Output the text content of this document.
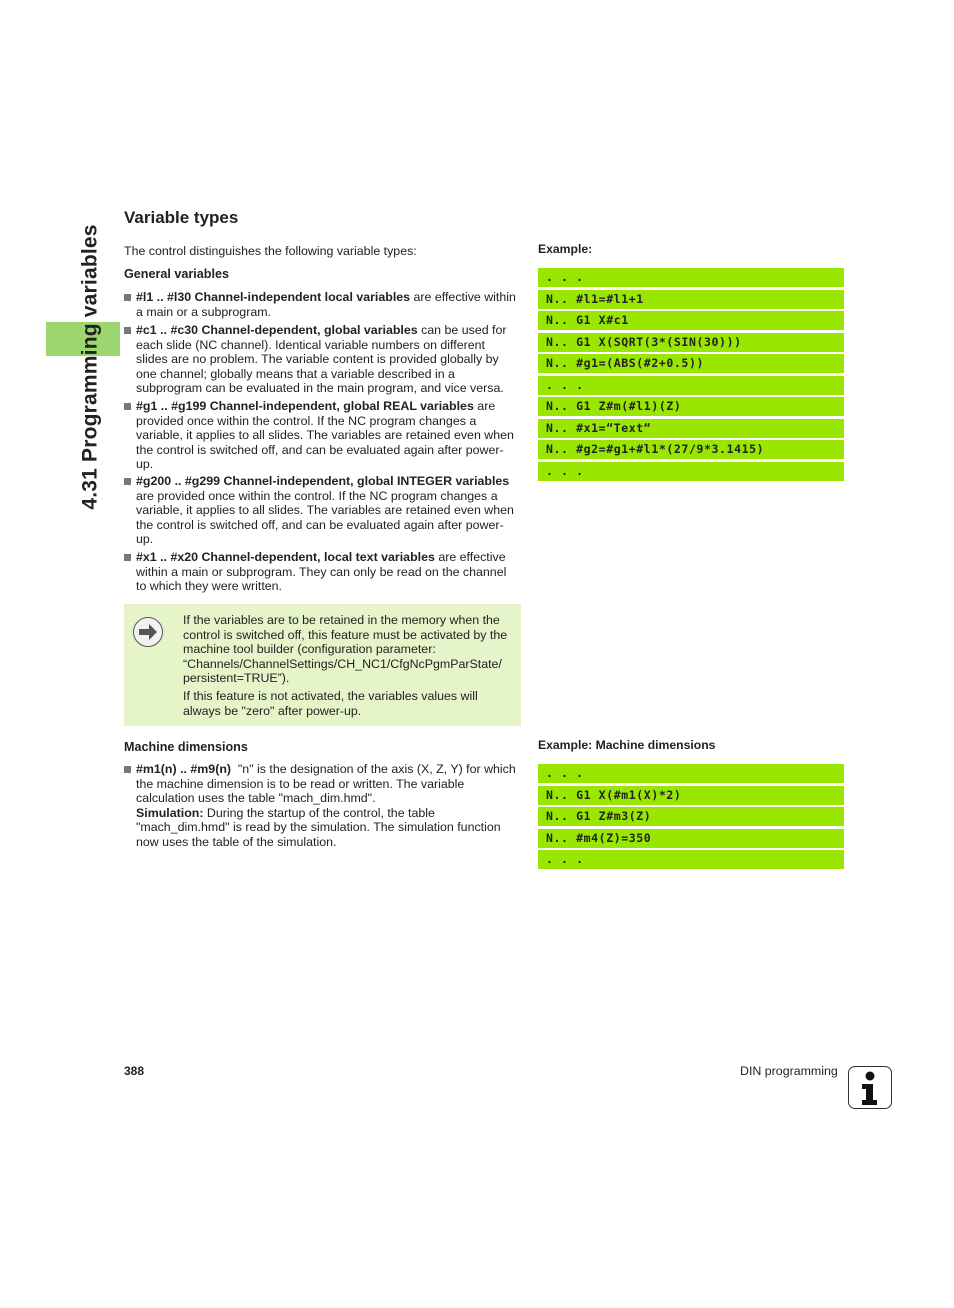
4.31 Programming variables
Variable types

The control distinguishes the following variable types:

General variables
#l1 .. #l30 Channel-independent local variables are effective within a main or a subprogram.
#c1 .. #c30 Channel-dependent, global variables can be used for each slide (NC channel). Identical variable numbers on different slides are no problem. The variable content is provided globally by one channel; globally means that a variable described in a subprogram can be evaluated in the main program, and vice versa.
#g1 .. #g199 Channel-independent, global REAL variables are provided once within the control. If the NC program changes a variable, it applies to all slides. The variables are retained even when the control is switched off, and can be evaluated again after power-up.
#g200 .. #g299 Channel-independent, global INTEGER variables are provided once within the control. If the NC program changes a variable, it applies to all slides. The variables are retained even when the control is switched off, and can be evaluated again after power-up.
#x1 .. #x20 Channel-dependent, local text variables are effective within a main or subprogram. They can only be read on the channel to which they were written.

If the variables are to be retained in the memory when the control is switched off, this feature must be activated by the machine tool builder (configuration parameter: “Channels/ChannelSettings/CH_NC1/CfgNcPgmParState/ persistent=TRUE”).

If this feature is not activated, the variables values will always be "zero" after power-up.

Machine dimensions
#m1(n) .. #m9(n)  "n" is the designation of the axis (X, Z, Y) for which the machine dimension is to be read or written. The variable calculation uses the table "mach_dim.hmd".
Simulation: During the startup of the control, the table "mach_dim.hmd" is read by the simulation. The simulation function now uses the table of the simulation.
Example:
. . .
N.. #l1=#l1+1
N.. G1 X#c1
N.. G1 X(SQRT(3*(SIN(30)))
N.. #g1=(ABS(#2+0.5))
. . .
N.. G1 Z#m(#l1)(Z)
N.. #x1=“Text“
N.. #g2=#g1+#l1*(27/9*3.1415)
. . .
Example: Machine dimensions
. . .
N.. G1 X(#m1(X)*2)
N.. G1 Z#m3(Z)
N.. #m4(Z)=350
. . .
388	DIN programming
